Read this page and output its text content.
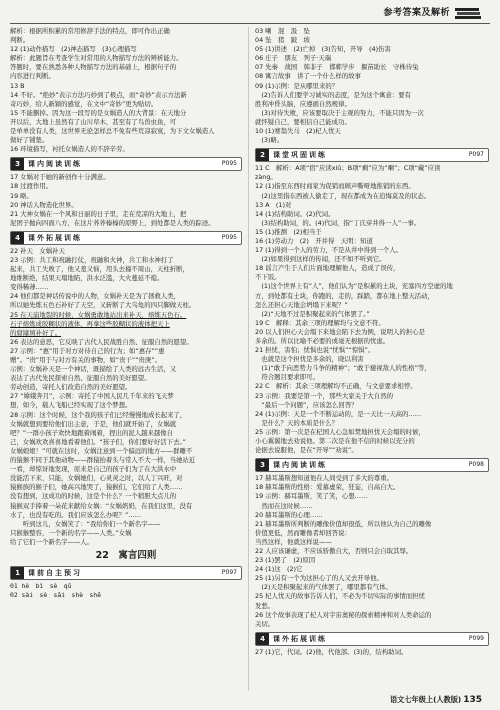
参考答案及解析
解析：根据所积累的常用修辞手法的特点，即可作出正确
判断。
12 (1)动作描写　(2)神态描写　(3)心理描写
解析：此题旨在考查学生对常用的人物描写方法的辨析能力。
答题时，要在熟悉各种人物描写方法的基础上，根据句子的
内容进行判断。
13 B
14 不好。“绝妙”表示方法巧妙到了极点，而“奇妙”表示方法新
奇巧妙，给人新颖的感觉，在文中“奇妙”更为贴切。
15 不能删掉。因为这一段写的是女娲造人的大背景：在天地分
开以后，大地上虽然有了山川草木，甚至有了鸟兽虫鱼，可
是单单没有人类，这世界无论怎样总不免有些荒凉寂寞，为下文女娲造人
做好了铺垫。
16 环境描写，衬托女娲造人的不辞辛劳。
3	课内阅读训练	P095
17 女娲对于她的新创作十分满意。
18 过渡作用。
19 略。
20 神话人物造化世界。
21 大神女娲在一个风和日丽的日子里，走在荒凉的大地上，把
泥团子抛向四面八方，在这片荞荞榛榛的原野上，到处都是人类的踪迹。
4	课外拓展训练	P095
22 补天　女娲补天
23 示例：共工和祝融打仗，祝融和火神，共工和水神打了
起来，共工失败了，他又羞又恼，用头去撞不周山，天柱折断，
地维断绝，结果天塌地陷，洪水泛滥，大火蔓延不熄。
变得稀薄……
24 他们都是神话传说中的人物，女娲补天是为了拯救人类，
所以她先炼五色石补好了天空，又斩断了大乌龟的四只脚做天柱。
25 在天崩地裂的时候，女娲勇敢地站出来补天，熔炼五色石。
石子熔炼成胶糊状的液体，再拿这些胶糊状的液体把天上
的窟窿填补好了。
26 表达的意思，它反映了古代人民战胜自然、征服自然的愿望。
27 示例：“惠”用于对方对待自己的行为；如“惠存”“惠
赠”。“贵”用于与对方有关的事物，如“贵干”“贵庚”。
示例：女娲补天是一个神话，既描绘了人类的远古生活，又
表达了古代先民探索自然、征服自然的美好愿望。
劳动创造，寄托人们改造自然的美好愿望。
27 “嫦娥奔月”，示例：寄托了中国人民几千年来的飞天梦
想，如今，载人飞船已经实现了这个梦想。
28 示例：这个时候，这个我的孩子们已经慢慢地成长起来了，
女娲就想到要给他们出主意，于是，他们就开始了，女娲就
吧？”一群小孩子欢快地跑着闹着，捏出的泥人越来越像自
己，女娲欢欢喜喜地看着他们。“孩子们，你们要好好活下去。”
女娲娘娘！”可就在这时，女娲注意到一个偏远的地方——群雕不
的猿猴不同于其他动物——群猿抬着头与常人不大一样，当她站近
一看，却惊讶地发现，原来是自己的孩子们为了在大洪水中
没能活下来，只能，女娲她们，心灵灵之时，以人丁兴旺，对
猿猴族的猴子们，她高兴地哭了，猿猴们，它们给了人类……
没有想到，这成功的时候，这是个什么？一个稍胆大点儿的
猿猴双手捧着一朵花来献给女娲：“女娲奶奶，在我们这里，没有
水了，也没有吃的。我们应该怎么办呢？”……
　　听到这儿，女娲笑了：“我给你们一个新名字——
只猴猴整容，一个新的名字——人类。”女娲
给了它们一个新名字——人。
22　寓言四则
1	课前自主预习	P097
01 hè　bì　sè　qǔ
02 sài　sè　sāi　shè　shē
03 喇　混　汲　坠
04 坠　猪　跛　坡
05 (1)讲述　(2)亡掉　(3)告知，开导　(4)伤害
06 庄子　朋友　列子·天瑞
07 先秦　战国　韩非子　邯郸学步　揠苗助长　守株待兔
08 寓言故事　讲了一个什么样的故事
09 (1)示例：是从哪里来的？
　(2)告诉人们要学习诚实的态度，是为这个寓意：要有
胜利冲昏头脑，应遵循自然规律。
　(3)对待失败，应该要取决于主观的努力，不能只因为一次
就怀疑自己，要相信自己能成功。
10 (1)赛翁失马　(2)杞人忧天
　(3)略。
2	课堂巩固训练	P097
11 C　解析：A项“宿”应读xiǔ；B项“剩”应为“喇”；C项“藏”应读
zàng。
12 (1)指至东西时商家为促销而顾声嘶哑地推销的东西。
　(2)这里指东西被人偷走了，现在都成为在追悔莫及的状态。
13 A　(1)对
14 (1)结构助词。(2)代词。
　(3)结构助词，的。(4)代词，指“丁氏穿井得一人”一事。
15 (1)推测　(2)相当于
16 (1)劳动力　(2)　开井得　天明：知道
17 (1)得到一个人的劳力，不是从井中得到一个人。
　(2)如果得到这样的传闻，还不如不听到它。
18 谣言产生于人们片面地理解他人，造成了误传，
不下饭。
　(1)这个世界上有“人”，他们认为“是积累的土块，充塞四方空虚的地
方，到处都有土块，你跑的，走的，踩踏，都在地上整天活动，
怎么还担心天地会坍塌下来呢？”
　(2)“天地不过是积聚起来的气体罢了。”
19 C　解释：其余三项的理解均与文意不符。
20 以人们担心天会塌下来地会陷下去为例，说明人的担心是
多余的。所以比喻不必要的或毫无根据的忧虑。
21 担忧，害怕；忧惧也说“忧惧”“惊惧”。
　也就是这个担忧是多余的，晓以利害
　(1)“敢于向恶势力斗争的精神”；“敢于藐视敌人的性格”等，
　符合题目要求即可。
22 C　解析：其余三项理解均不正确，与文意要求相悖。
23 示例：我要是第一个，那些大家关于大自然的
　“最后一个问题”，应该怎么回答？
24 (1)示例：天是一个不断运动的，是一天比一天高的……
　是什么？天的本质是什么？
25 示例：第一次是在杞国人心急如焚地担忧天会塌的时候，
小心翼翼地去劝说他。第二次是在他不信的时候以充分的
论据去说服他，是在“开导”“劝说”。
3	课内阅读训练	P098
17 赫耳墨斯想知道他在人间受到了多大的尊重。
18 赫耳墨斯的性格：爱慕虚荣，狂妄，自高自大。
19 示例：赫耳墨斯，笑了笑，心想……
　然而在这时候……
20 赫耳墨斯的心理……
21 赫耳墨斯所判断的雕像价值却很低，所以他认为自己的雕像
价值更低，然而雕像者却回答说：
当然这样，他就这样说——
22 人应该谦虚，不应该骄傲自大，否则只会自取其辱。
23 (1)罢了　(2)原因
24 (1)这　(2)它
25 (1)另有一个为这担心了的人又去开导他。
　(2)天是积聚起来的气体罢了，哪里都有气体。
25 杞人忧天的故事告诉人们，不必为不切实际的事情而担忧
发愁。
26 这个故事表现了杞人对宇宙奥秘的探索精神和对人类命运的
关切。
4	课外拓展训练	P099
27 (1)它，代词。(2)他，代他部。(3)的，结构助词。
语文七年级上(人教版) 135
